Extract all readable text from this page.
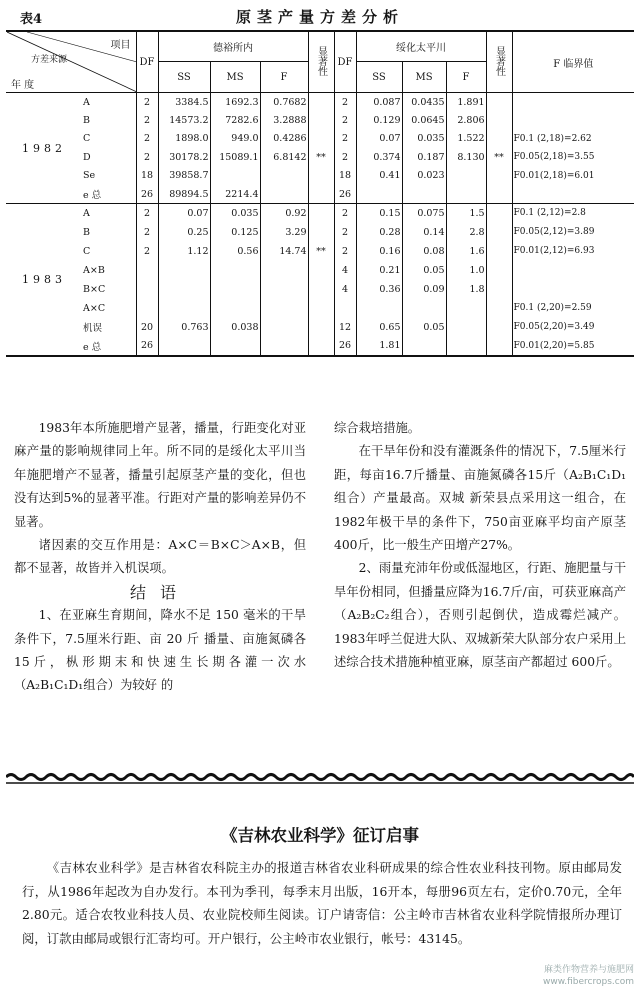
表4	原茎产量方差分析
项目
方差来源
年 度		DF	德裕所内			显著性	DF	绥化太平川			显著性	F 临界值
			SS	MS	F			SS	MS	F		
1982	A	2	3384.5	1692.3	0.7682		2	0.087	0.0435	1.891		
	B	2	14573.2	7282.6	3.2888		2	0.129	0.0645	2.806		
	C	2	1898.0	949.0	0.4286		2	0.07	0.035	1.522		F0.1 (2,18)=2.62
	D	2	30178.2	15089.1	6.8142	**	2	0.374	0.187	8.130	**	F0.05(2,18)=3.55
	Se	18	39858.7				18	0.41	0.023			F0.01(2,18)=6.01
	e 总	26	89894.5	2214.4			26					
1983	A	2	0.07	0.035	0.92		2	0.15	0.075	1.5		F0.1 (2,12)=2.8
	B	2	0.25	0.125	3.29		2	0.28	0.14	2.8		F0.05(2,12)=3.89
	C	2	1.12	0.56	14.74	**	2	0.16	0.08	1.6		F0.01(2,12)=6.93
	A×B						4	0.21	0.05	1.0		
	B×C						4	0.36	0.09	1.8		
	A×C											F0.1 (2,20)=2.59
	机误	20	0.763	0.038			12	0.65	0.05			F0.05(2,20)=3.49
	e 总	26					26	1.81				F0.01(2,20)=5.85

1983年本所施肥增产显著，播量，行距变化对亚麻产量的影响规律同上年。所不同的是绥化太平川当年施肥增产不显著，播量引起原茎产量的变化，但也没有达到5%的显著平准。行距对产量的影响差异仍不显著。

诸因素的交互作用是：A×C＝B×C＞A×B，但都不显著，故皆并入机误项。

结语

1、在亚麻生育期间，降水不足 150 毫米的干旱条件下，7.5厘米行距、亩 20 斤 播量、亩施氮磷各15斤，枞形期末和快速生长期各灌一次水（A₂B₁C₁D₁组合）为较好 的

综合栽培措施。

在干旱年份和没有灌溉条件的情况下，7.5厘米行距，每亩16.7斤播量、亩施氮磷各15斤（A₂B₁C₁D₁组合）产量最高。双城 新荣县点采用这一组合，在1982年极干旱的条件下，750亩亚麻平均亩产原茎400斤，比一般生产田增产27%。

2、雨量充沛年份或低湿地区，行距、施肥量与干旱年份相同，但播量应降为16.7斤/亩，可获亚麻高产（A₂B₂C₂组合），否则引起倒伏，造成霉烂减产。1983年呼兰促进大队、双城新荣大队部分农户采用上述综合技术措施种植亚麻，原茎亩产都超过 600斤。

《吉林农业科学》征订启事

《吉林农业科学》是吉林省农科院主办的报道吉林省农业科研成果的综合性农业科技刊物。原由邮局发行，从1986年起改为自办发行。本刊为季刊，每季末月出版，16开本，每册96页左右，定价0.70元，全年2.80元。适合农牧业科技人员、农业院校师生阅读。订户请寄信：公主岭市吉林省农业科学院情报所办理订阅，订款由邮局或银行汇寄均可。开户银行，公主岭市农业银行，帐号：43145。

麻类作物营养与施肥网
www.fibercrops.com
